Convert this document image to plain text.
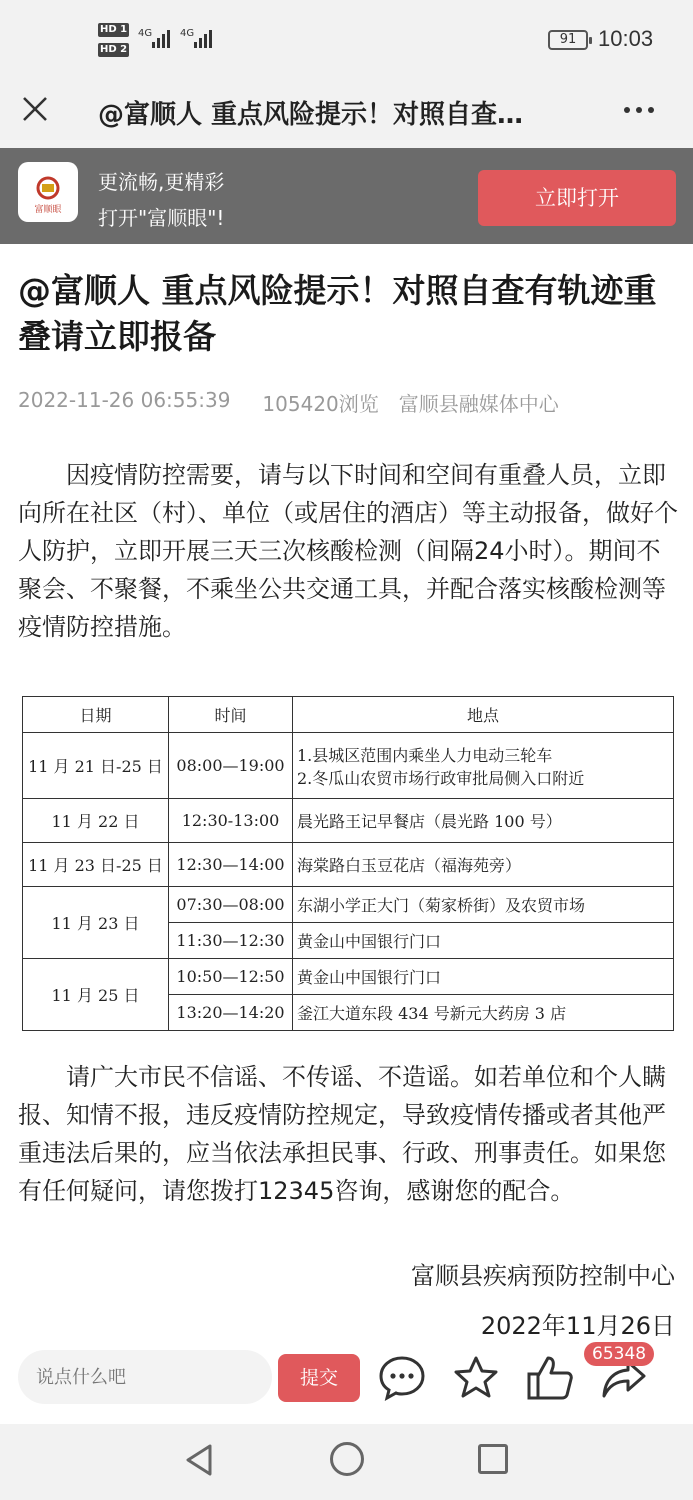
HD 1
HD 2
4G	4G	91 10:03
@富顺人 重点风险提示！对照自查…
富顺眼
更流畅,更精彩
打开"富顺眼"!
立即打开
@富顺人 重点风险提示！对照自查有轨迹重叠请立即报备
2022-11-26 06:55:39 105420浏览 富顺县融媒体中心
因疫情防控需要，请与以下时间和空间有重叠人员，立即向所在社区（村）、单位（或居住的酒店）等主动报备，做好个人防护，立即开展三天三次核酸检测（间隔24小时）。期间不聚会、不聚餐，不乘坐公共交通工具，并配合落实核酸检测等疫情防控措施。
日期	时间	地点
11 月 21 日-25 日	08:00—19:00	1.县城区范围内乘坐人力电动三轮车
2.冬瓜山农贸市场行政审批局侧入口附近

11 月 22 日	12:30-13:00	晨光路王记早餐店（晨光路 100 号）
11 月 23 日-25 日	12:30—14:00	海棠路白玉豆花店（福海苑旁）
11 月 23 日	07:30—08:00	东湖小学正大门（菊家桥街）及农贸市场
	11:30—12:30	黄金山中国银行门口
11 月 25 日	10:50—12:50	黄金山中国银行门口
	13:20—14:20	釜江大道东段 434 号新元大药房 3 店
请广大市民不信谣、不传谣、不造谣。如若单位和个人瞒报、知情不报，违反疫情防控规定，导致疫情传播或者其他严重违法后果的，应当依法承担民事、行政、刑事责任。如果您有任何疑问，请您拨打12345咨询，感谢您的配合。
富顺县疾病预防控制中心
2022年11月26日
说点什么吧
提交
65348
